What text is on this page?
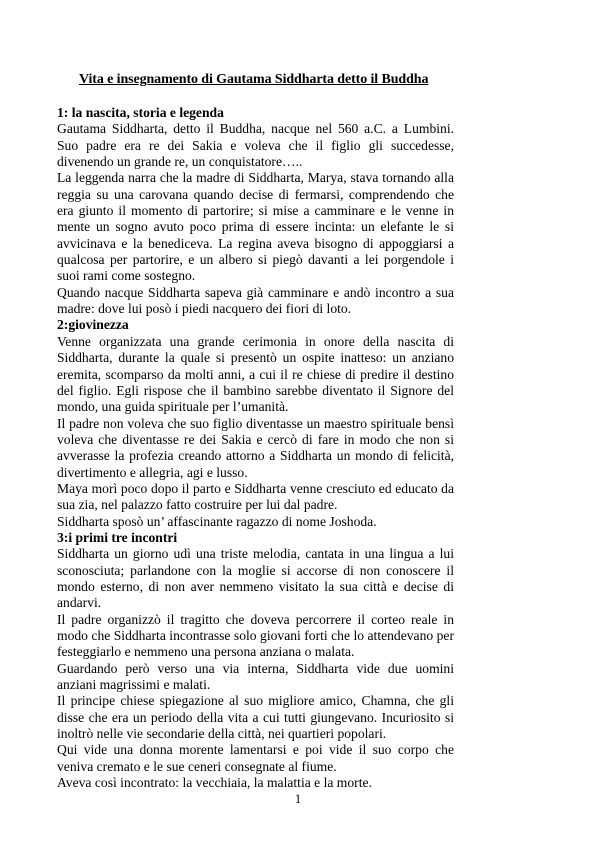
Vita e insegnamento di Gautama Siddharta detto il Buddha
1: la nascita, storia e legenda

Gautama Siddharta, detto il Buddha, nacque nel 560 a.C. a Lumbini. Suo padre era re dei Sakia e voleva che il figlio gli succedesse, divenendo un grande re, un conquistatore…..

La leggenda narra che la madre di Siddharta, Marya, stava tornando alla reggia su una carovana quando decise di fermarsi, comprendendo che era giunto il momento di partorire; si mise a camminare e le venne in mente un sogno avuto poco prima di essere incinta: un elefante le si avvicinava e la benediceva. La regina aveva bisogno di appoggiarsi a qualcosa per partorire, e un albero si piegò davanti a lei porgendole i suoi rami come sostegno.

Quando nacque Siddharta sapeva già camminare e andò incontro a sua madre: dove lui posò i piedi nacquero dei fiori di loto.

2:giovinezza

Venne organizzata una grande cerimonia in onore della nascita di Siddharta, durante la quale si presentò un ospite inatteso: un anziano eremita, scomparso da molti anni, a cui il re chiese di predire il destino del figlio. Egli rispose che il bambino sarebbe diventato il Signore del mondo, una guida spirituale per l’umanità.

Il padre non voleva che suo figlio diventasse un maestro spirituale bensì voleva che diventasse re dei Sakia e cercò di fare in modo che non si avverasse la profezia creando attorno a Siddharta un mondo di felicità, divertimento e allegria, agi e lusso.

Maya morì poco dopo il parto e Siddharta venne cresciuto ed educato da sua zia, nel palazzo fatto costruire per lui dal padre.

Siddharta sposò un’ affascinante ragazzo di nome Joshoda.

3:i primi tre incontri

Siddharta un giorno udì una triste melodia, cantata in una lingua a lui sconosciuta; parlandone con la moglie si accorse di non conoscere il mondo esterno, di non aver nemmeno visitato la sua città e decise di andarvi.

Il padre organizzò il tragitto che doveva percorrere il corteo reale in modo che Siddharta incontrasse solo giovani forti che lo attendevano per festeggiarlo e nemmeno una persona anziana o malata.

Guardando però verso una via interna, Siddharta vide due uomini anziani magrissimi e malati.

Il principe chiese spiegazione al suo migliore amico, Chamna, che gli disse che era un periodo della vita a cui tutti giungevano. Incuriosito si inoltrò nelle vie secondarie della città, nei quartieri popolari.

Qui vide una donna morente lamentarsi e poi vide il suo corpo che veniva cremato e le sue ceneri consegnate al fiume.

Aveva così incontrato: la vecchiaia, la malattia e la morte.

1
